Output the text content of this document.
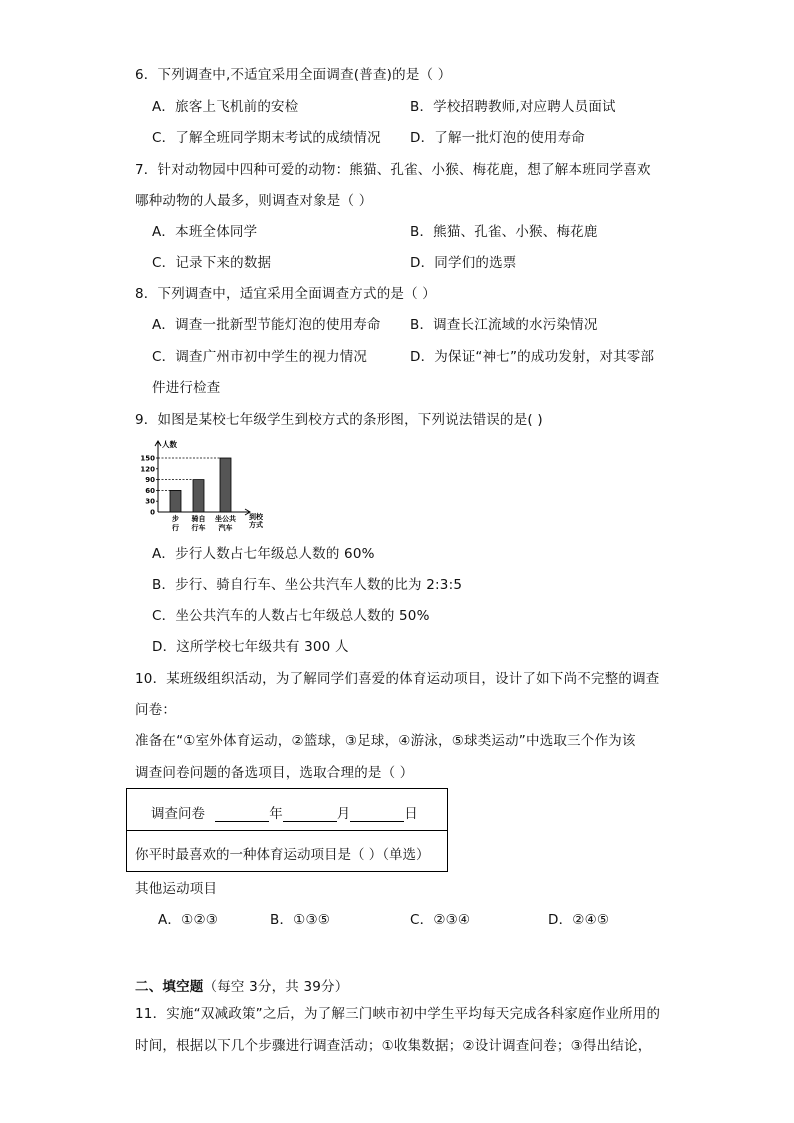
6．下列调查中,不适宜采用全面调查(普查)的是（ ）
A．旅客上飞机前的安检	B．学校招聘教师,对应聘人员面试
C．了解全班同学期末考试的成绩情况 D．了解一批灯泡的使用寿命
7．针对动物园中四种可爱的动物：熊猫、孔雀、小猴、梅花鹿，想了解本班同学喜欢
哪种动物的人最多，则调查对象是（ ）
A．本班全体同学	B．熊猫、孔雀、小猴、梅花鹿
C．记录下来的数据	D．同学们的选票
8．下列调查中，适宜采用全面调查方式的是（ ）
A．调查一批新型节能灯泡的使用寿命 B．调查长江流域的水污染情况
C．调查广州市初中学生的视力情况	D．为保证“神七”的成功发射，对其零部
件进行检查
9．如图是某校七年级学生到校方式的条形图，下列说法错误的是( )
人数
0
30
60
90
120
150
到校
方式
步
行
骑自
行车
坐公共
汽车
A．步行人数占七年级总人数的 60%
B．步行、骑自行车、坐公共汽车人数的比为 2:3:5
C．坐公共汽车的人数占七年级总人数的 50%
D．这所学校七年级共有 300 人
10．某班级组织活动，为了解同学们喜爱的体育运动项目，设计了如下尚不完整的调查
问卷：
准备在“①室外体育运动，②篮球，③足球，④游泳，⑤球类运动”中选取三个作为该
调查问卷问题的备选项目，选取合理的是（ ）
调查问卷	年	月	日
你平时最喜欢的一种体育运动项目是（ ）（单选）
其他运动项目
A．①②③	B．①③⑤	C．②③④	D．②④⑤
二、填空题（每空 3分，共 39分）
11．实施“双减政策”之后，为了解三门峡市初中学生平均每天完成各科家庭作业所用的
时间，根据以下几个步骤进行调查活动；①收集数据；②设计调查问卷；③得出结论，
